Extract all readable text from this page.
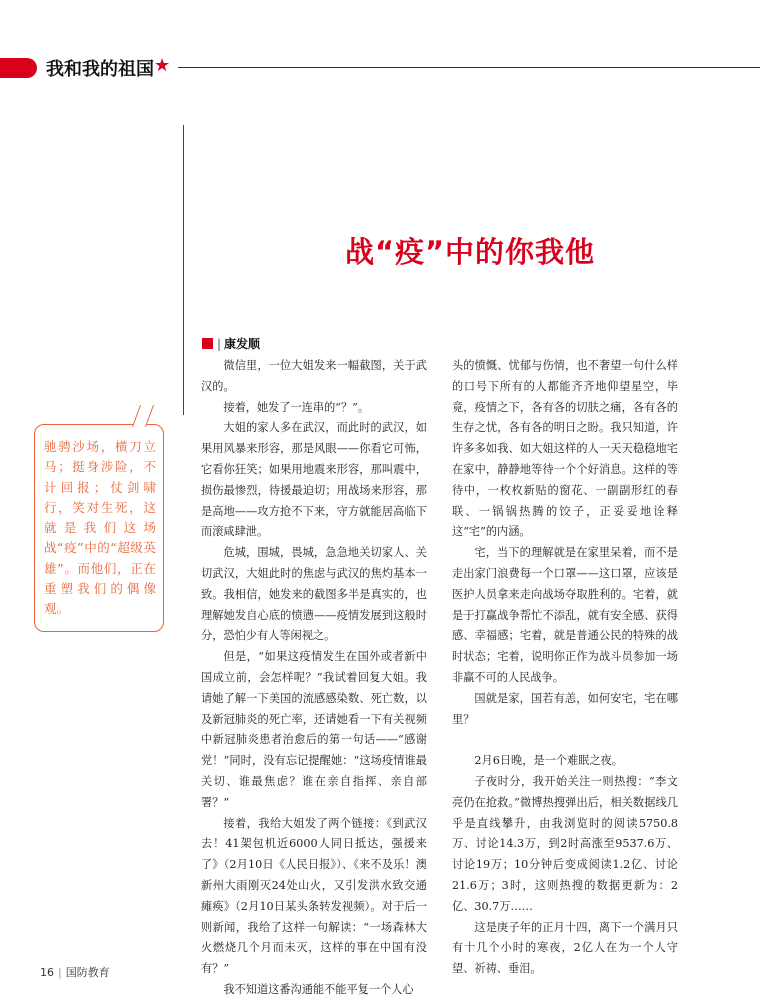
我和我的祖国 ★
战“疫”中的你我他
| 康发顺
驰骋沙场，横刀立马；挺身涉险，不计回报；仗剑啸行，笑对生死，这就是我们这场战“疫”中的“超级英雄”。而他们，正在重塑我们的偶像观。

微信里，一位大姐发来一幅截图，关于武汉的。

接着，她发了一连串的“？”。

大姐的家人多在武汉，而此时的武汉，如果用风暴来形容，那是风眼——你看它可怖，它看你狂笑；如果用地震来形容，那叫震中，损伤最惨烈，待援最迫切；用战场来形容，那是高地——攻方抢不下来，守方就能居高临下而滚咸肆泄。

危城，围城，畏城，急急地关切家人、关切武汉，大姐此时的焦虑与武汉的焦灼基本一致。我相信，她发来的截图多半是真实的，也理解她发自心底的愤懑——疫情发展到这般时分，恐怕少有人等闲视之。

但是，“如果这疫情发生在国外或者新中国成立前，会怎样呢？”我试着回复大姐。我请她了解一下美国的流感感染数、死亡数，以及新冠肺炎的死亡率，还请她看一下有关视频中新冠肺炎患者治愈后的第一句话——“感谢党！”同时，没有忘记提醒她：“这场疫情谁最关切、谁最焦虑？谁在亲自指挥、亲自部署？”

接着，我给大姐发了两个链接：《到武汉去！41架包机近6000人同日抵达，强援来了》（2月10日《人民日报》）、《来不及乐！澳新州大雨刚灭24处山火，又引发洪水致交通瘫痪》（2月10日某头条转发视频）。对于后一则新闻，我给了这样一句解读：“一场森林大火燃烧几个月而未灭，这样的事在中国有没有？”

我不知道这番沟通能不能平复一个人心

头的愤慨、忧郁与伤情，也不奢望一句什么样的口号下所有的人都能齐齐地仰望星空，毕竟，疫情之下，各有各的切肤之痛，各有各的生存之忧，各有各的明日之盼。我只知道，许许多多如我、如大姐这样的人一天天稳稳地宅在家中，静静地等待一个个好消息。这样的等待中，一枚枚新贴的窗花、一副副形红的春联、一锅锅热腾的饺子，正妥妥地诠释这“宅”的内涵。

宅，当下的理解就是在家里呆着，而不是走出家门浪费每一个口罩——这口罩，应该是医护人员拿来走向战场夺取胜利的。宅着，就是于打赢战争帮忙不添乱，就有安全感、获得感、幸福感；宅着，就是普通公民的特殊的战时状态；宅着，说明你正作为战斗员参加一场非赢不可的人民战争。

国就是家，国若有恙，如何安宅，宅在哪里？

2月6日晚，是一个难眠之夜。

子夜时分，我开始关注一则热搜：“李文亮仍在抢救。”微博热搜弹出后，相关数据线几乎是直线攀升，由我浏览时的阅读5750.8万、讨论14.3万，到2时高涨至9537.6万、讨论19万；10分钟后变成阅读1.2亿、讨论21.6万；3时，这则热搜的数据更新为：2亿、30.7万……

这是庚子年的正月十四，离下一个满月只有十几个小时的寒夜，2亿人在为一个人守望、祈祷、垂泪。

16 | 国防教育
